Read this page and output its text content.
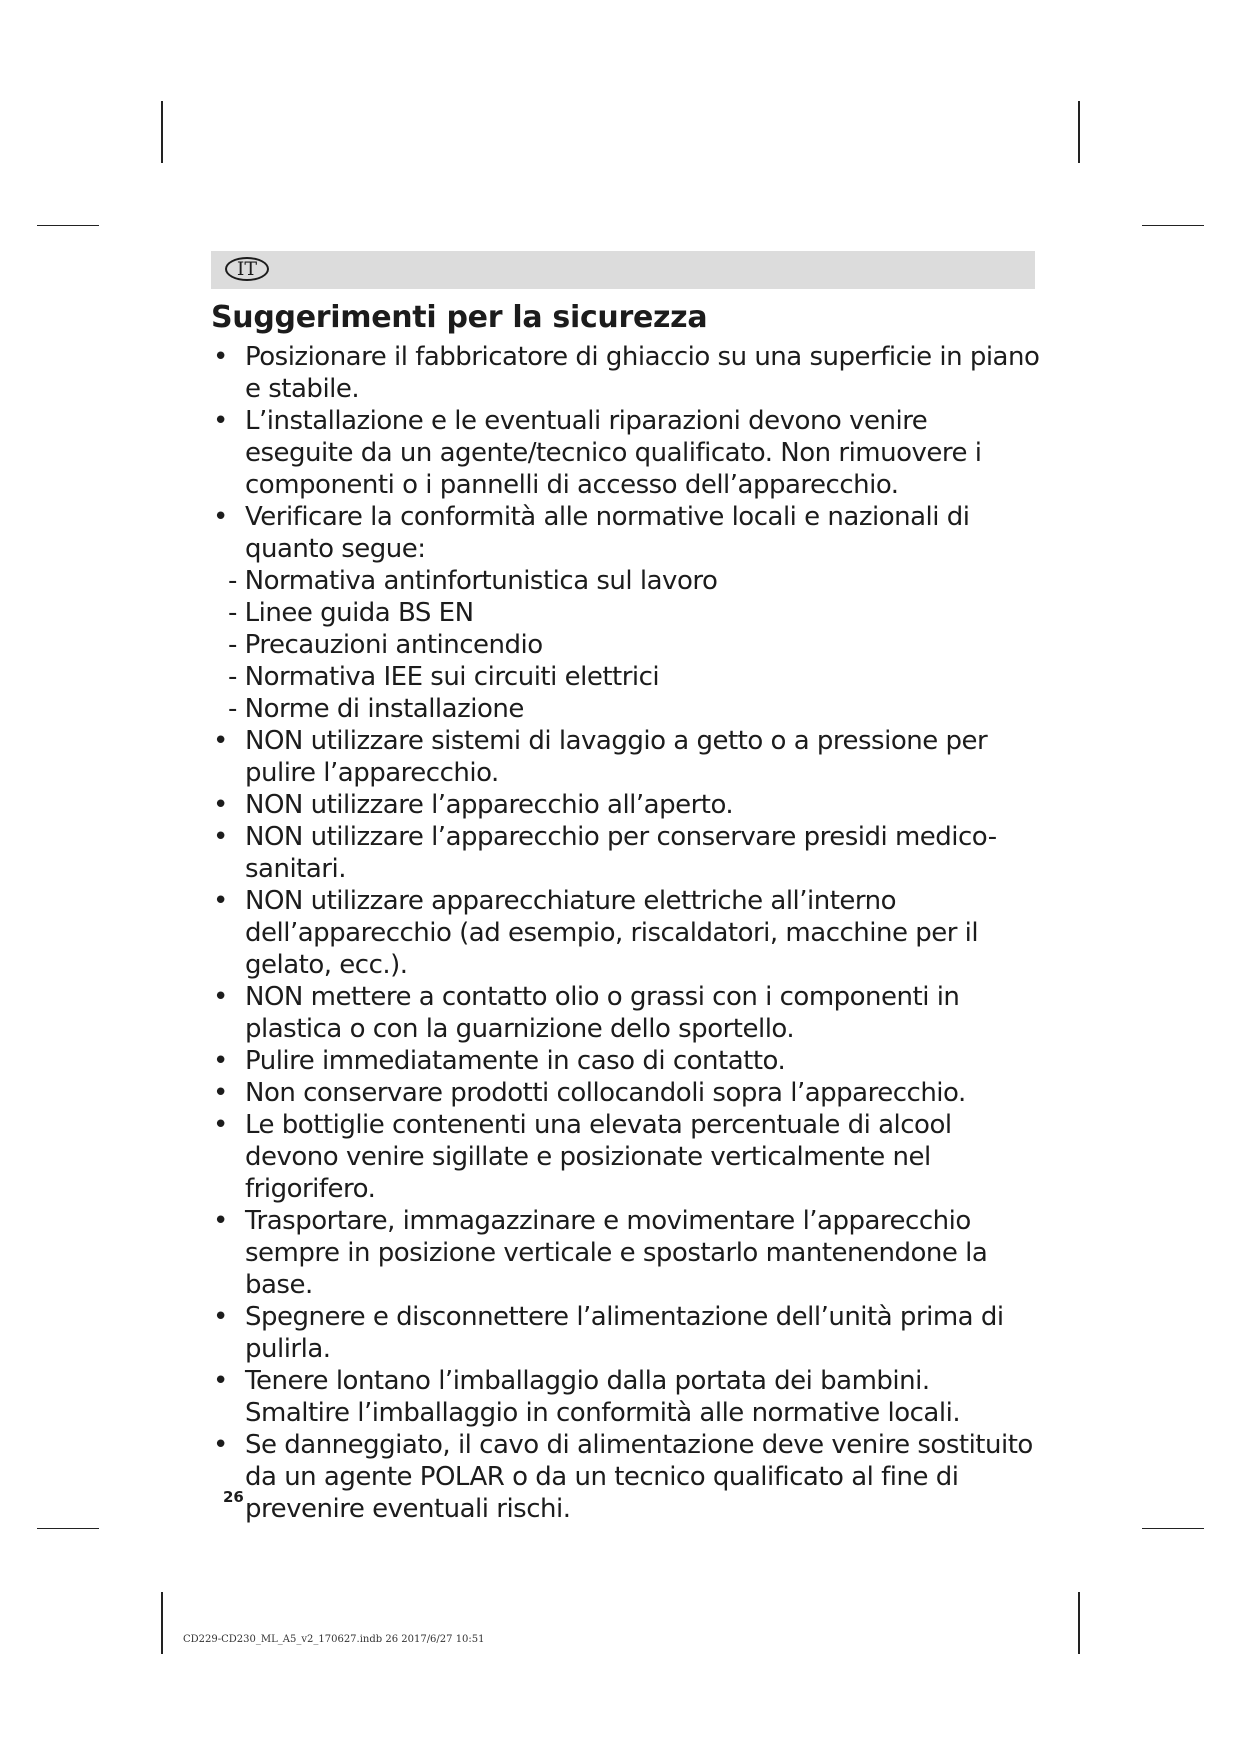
IT
Suggerimenti per la sicurezza
• Posizionare il fabbricatore di ghiaccio su una superficie in piano e stabile.
• L’installazione e le eventuali riparazioni devono venire eseguite da un agente/tecnico qualificato. Non rimuovere i componenti o i pannelli di accesso dell’apparecchio.
• Verificare la conformità alle normative locali e nazionali di quanto segue:
- Normativa antinfortunistica sul lavoro
- Linee guida BS EN
- Precauzioni antincendio
- Normativa IEE sui circuiti elettrici
- Norme di installazione
• NON utilizzare sistemi di lavaggio a getto o a pressione per pulire l’apparecchio.
• NON utilizzare l’apparecchio all’aperto.
• NON utilizzare l’apparecchio per conservare presidi medico-sanitari.
• NON utilizzare apparecchiature elettriche all’interno dell’apparecchio (ad esempio, riscaldatori, macchine per il gelato, ecc.).
• NON mettere a contatto olio o grassi con i componenti in plastica o con la guarnizione dello sportello.
• Pulire immediatamente in caso di contatto.
• Non conservare prodotti collocandoli sopra l’apparecchio.
• Le bottiglie contenenti una elevata percentuale di alcool devono venire sigillate e posizionate verticalmente nel frigorifero.
• Trasportare, immagazzinare e movimentare l’apparecchio sempre in posizione verticale e spostarlo mantenendone la base.
• Spegnere e disconnettere l’alimentazione dell’unità prima di pulirla.
• Tenere lontano l’imballaggio dalla portata dei bambini. Smaltire l’imballaggio in conformità alle normative locali.
• Se danneggiato, il cavo di alimentazione deve venire sostituito da un agente POLAR o da un tecnico qualificato al fine di prevenire eventuali rischi.
26
CD229-CD230_ML_A5_v2_170627.indb 26 2017/6/27 10:51
